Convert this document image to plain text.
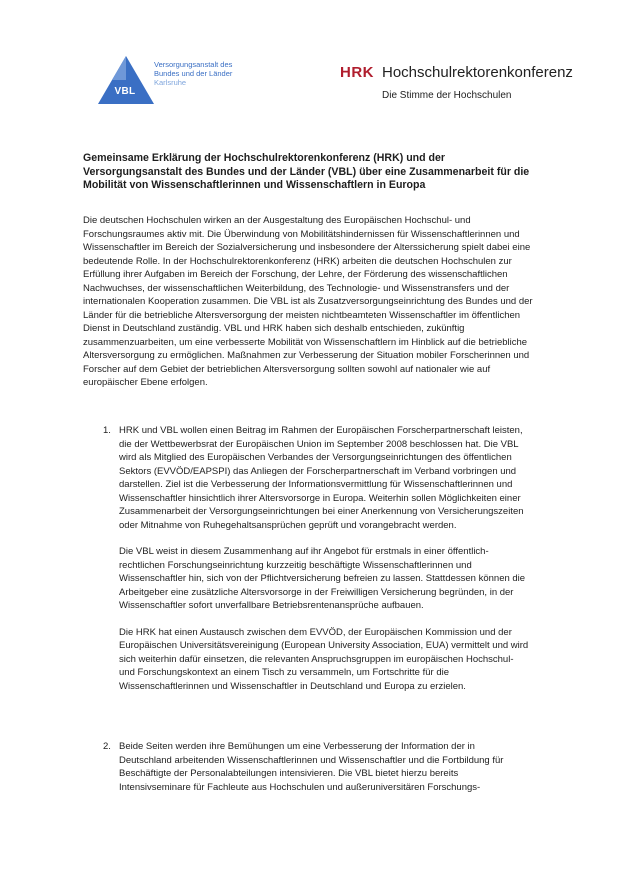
VBL
Versorgungsanstalt des
Bundes und der Länder
Karlsruhe
HRK Hochschulrektorenkonferenz
Die Stimme der Hochschulen
Gemeinsame Erklärung der Hochschulrektorenkonferenz (HRK) und der Versorgungsanstalt des Bundes und der Länder (VBL) über eine Zusammenarbeit für die Mobilität von Wissenschaftlerinnen und Wissenschaftlern in Europa

Die deutschen Hochschulen wirken an der Ausgestaltung des Europäischen Hochschul- und Forschungsraumes aktiv mit. Die Überwindung von Mobilitätshindernissen für Wissenschaftlerinnen und Wissenschaftler im Bereich der Sozialversicherung und insbesondere der Alterssicherung spielt dabei eine bedeutende Rolle. In der Hochschulrektorenkonferenz (HRK) arbeiten die deutschen Hochschulen zur Erfüllung ihrer Aufgaben im Bereich der Forschung, der Lehre, der Förderung des wissenschaftlichen Nachwuchses, der wissenschaftlichen Weiterbildung, des Technologie- und Wissenstransfers und der internationalen Kooperation zusammen. Die VBL ist als Zusatzversorgungseinrichtung des Bundes und der Länder für die betriebliche Altersversorgung der meisten nichtbeamteten Wissenschaftler im öffentlichen Dienst in Deutschland zuständig. VBL und HRK haben sich deshalb entschieden, zukünftig zusammenzuarbeiten, um eine verbesserte Mobilität von Wissenschaftlern im Hinblick auf die betriebliche Altersversorgung zu ermöglichen. Maßnahmen zur Verbesserung der Situation mobiler Forscherinnen und Forscher auf dem Gebiet der betrieblichen Altersversorgung sollten sowohl auf nationaler wie auf europäischer Ebene erfolgen.

1. HRK und VBL wollen einen Beitrag im Rahmen der Europäischen Forscherpartnerschaft leisten, die der Wettbewerbsrat der Europäischen Union im September 2008 beschlossen hat. Die VBL wird als Mitglied des Europäischen Verbandes der Versorgungseinrichtungen des öffentlichen Sektors (EVVÖD/EAPSPI) das Anliegen der Forscherpartnerschaft im Verband vorbringen und darstellen. Ziel ist die Verbesserung der Informationsvermittlung für Wissenschaftlerinnen und Wissenschaftler hinsichtlich ihrer Altersvorsorge in Europa. Weiterhin sollen Möglichkeiten einer Zusammenarbeit der Versorgungseinrichtungen bei einer Anerkennung von Versicherungszeiten oder Mitnahme von Ruhegehaltsansprüchen geprüft und vorangebracht werden.

Die VBL weist in diesem Zusammenhang auf ihr Angebot für erstmals in einer öffentlich-rechtlichen Forschungseinrichtung kurzzeitig beschäftigte Wissenschaftlerinnen und Wissenschaftler hin, sich von der Pflichtversicherung befreien zu lassen. Stattdessen können die Arbeitgeber eine zusätzliche Altersvorsorge in der Freiwilligen Versicherung begründen, in der Wissenschaftler sofort unverfallbare Betriebsrentenansprüche aufbauen.

Die HRK hat einen Austausch zwischen dem EVVÖD, der Europäischen Kommission und der Europäischen Universitätsvereinigung (European University Association, EUA) vermittelt und wird sich weiterhin dafür einsetzen, die relevanten Anspruchsgruppen im europäischen Hochschul- und Forschungskontext an einem Tisch zu versammeln, um Fortschritte für die Wissenschaftlerinnen und Wissenschaftler in Deutschland und Europa zu erzielen.

2. Beide Seiten werden ihre Bemühungen um eine Verbesserung der Information der in Deutschland arbeitenden Wissenschaftlerinnen und Wissenschaftler und die Fortbildung für Beschäftigte der Personalabteilungen intensivieren. Die VBL bietet hierzu bereits Intensivseminare für Fachleute aus Hochschulen und außeruniversitären Forschungs-
